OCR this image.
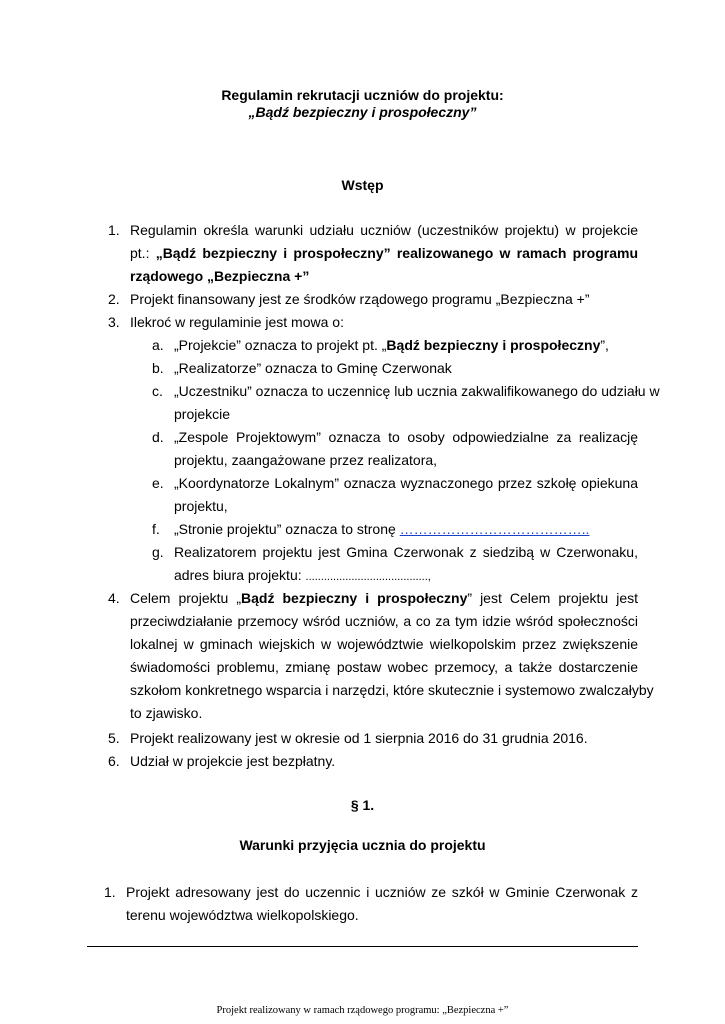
Regulamin rekrutacji uczniów do projektu:
„Bądź bezpieczny i prospołeczny”
Wstęp
1. Regulamin określa warunki udziału uczniów (uczestników projektu) w projekcie
pt.: „Bądź bezpieczny i prospołeczny” realizowanego w ramach programu
rządowego „Bezpieczna +”
2. Projekt finansowany jest ze środków rządowego programu „Bezpieczna +”
3. Ilekroć w regulaminie jest mowa o:
a. „Projekcie” oznacza to projekt pt. „Bądź bezpieczny i prospołeczny”,
b. „Realizatorze” oznacza to Gminę Czerwonak
c. „Uczestniku” oznacza to uczennicę lub ucznia zakwalifikowanego do udziału w
projekcie
d. „Zespole Projektowym” oznacza to osoby odpowiedzialne za realizację
projektu, zaangażowane przez realizatora,
e. „Koordynatorze Lokalnym” oznacza wyznaczonego przez szkołę opiekuna
projektu,
f. „Stronie projektu” oznacza to stronę …………………………………..
g. Realizatorem projektu jest Gmina Czerwonak z siedzibą w Czerwonaku,
adres biura projektu: ........................................,
4. Celem projektu „Bądź bezpieczny i prospołeczny” jest Celem projektu jest
przeciwdziałanie przemocy wśród uczniów, a co za tym idzie wśród społeczności
lokalnej w gminach wiejskich w województwie wielkopolskim przez zwiększenie
świadomości problemu, zmianę postaw wobec przemocy, a także dostarczenie
szkołom konkretnego wsparcia i narzędzi, które skutecznie i systemowo zwalczałyby
to zjawisko.
5. Projekt realizowany jest w okresie od 1 sierpnia 2016 do 31 grudnia 2016.
6. Udział w projekcie jest bezpłatny.
§ 1.
Warunki przyjęcia ucznia do projektu
1. Projekt adresowany jest do uczennic i uczniów ze szkół w Gminie Czerwonak z
terenu województwa wielkopolskiego.
Projekt realizowany w ramach rządowego programu: „Bezpieczna +”
